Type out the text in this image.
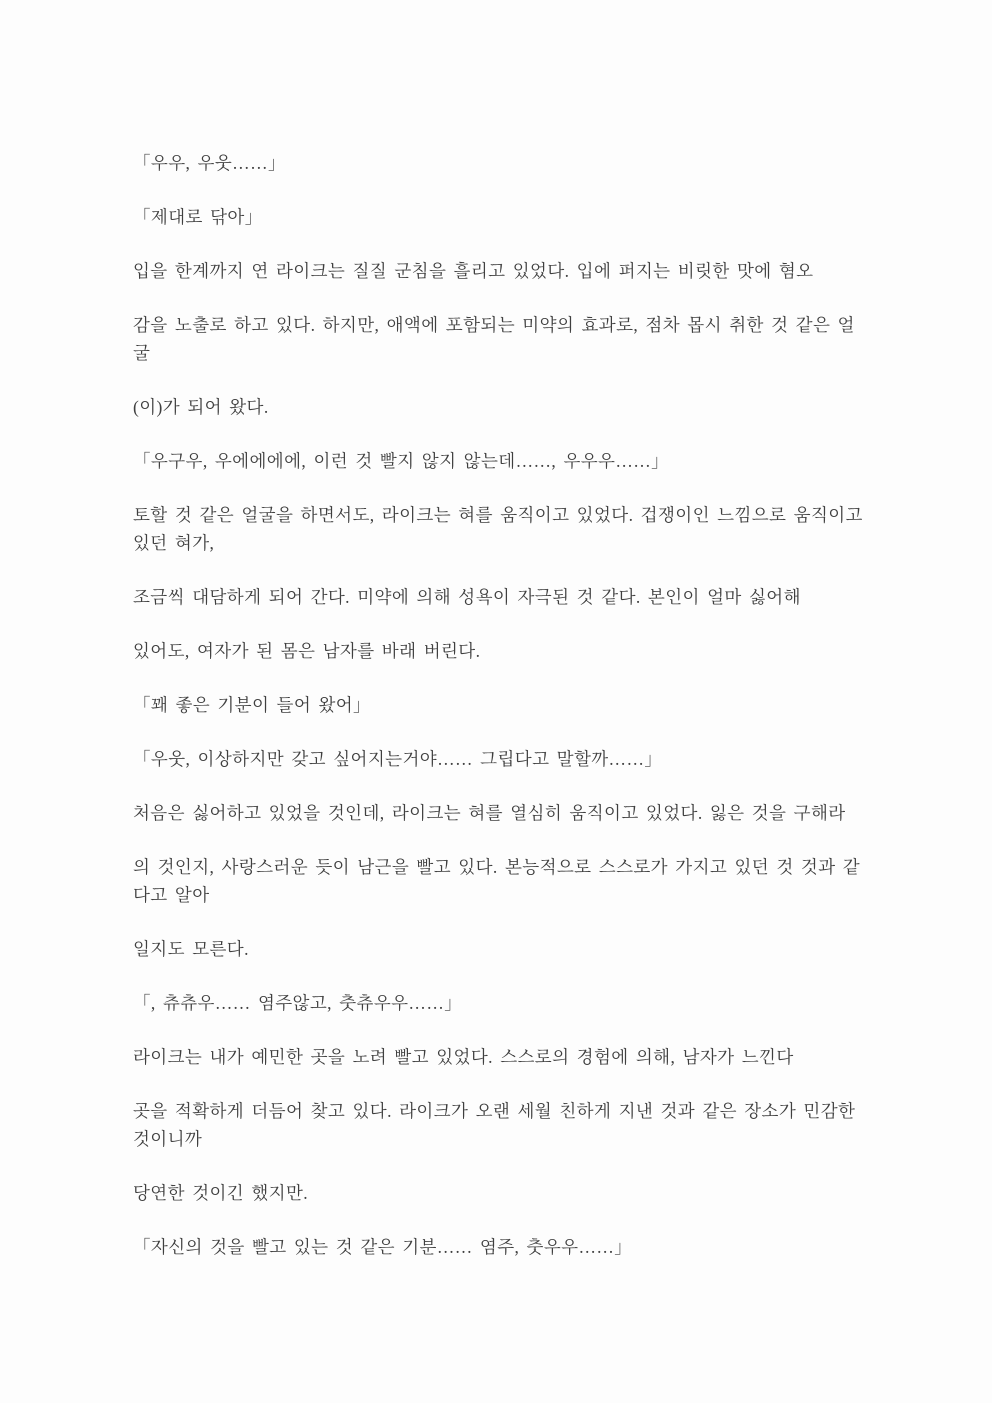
「우우, 우웃……」

「제대로 닦아」

입을 한계까지 연 라이크는 질질 군침을 흘리고 있었다. 입에 퍼지는 비릿한 맛에 혐오

감을 노출로 하고 있다. 하지만, 애액에 포함되는 미약의 효과로, 점차 몹시 취한 것 같은 얼
굴

(이)가 되어 왔다.

「우구우, 우에에에에, 이런 것 빨지 않지 않는데……, 우우우……」

토할 것 같은 얼굴을 하면서도, 라이크는 혀를 움직이고 있었다. 겁쟁이인 느낌으로 움직이고
있던 혀가,

조금씩 대담하게 되어 간다. 미약에 의해 성욕이 자극된 것 같다. 본인이 얼마 싫어해

있어도, 여자가 된 몸은 남자를 바래 버린다.

「꽤 좋은 기분이 들어 왔어」

「우웃, 이상하지만 갖고 싶어지는거야…… 그립다고 말할까……」

처음은 싫어하고 있었을 것인데, 라이크는 혀를 열심히 움직이고 있었다. 잃은 것을 구해라

의 것인지, 사랑스러운 듯이 남근을 빨고 있다. 본능적으로 스스로가 가지고 있던 것 것과 같
다고 알아

일지도 모른다.

「, 츄츄우…… 염주않고, 춧츄우우……」

라이크는 내가 예민한 곳을 노려 빨고 있었다. 스스로의 경험에 의해, 남자가 느낀다

곳을 적확하게 더듬어 찾고 있다. 라이크가 오랜 세월 친하게 지낸 것과 같은 장소가 민감한
것이니까

당연한 것이긴 했지만.

「자신의 것을 빨고 있는 것 같은 기분…… 염주, 춧우우……」
